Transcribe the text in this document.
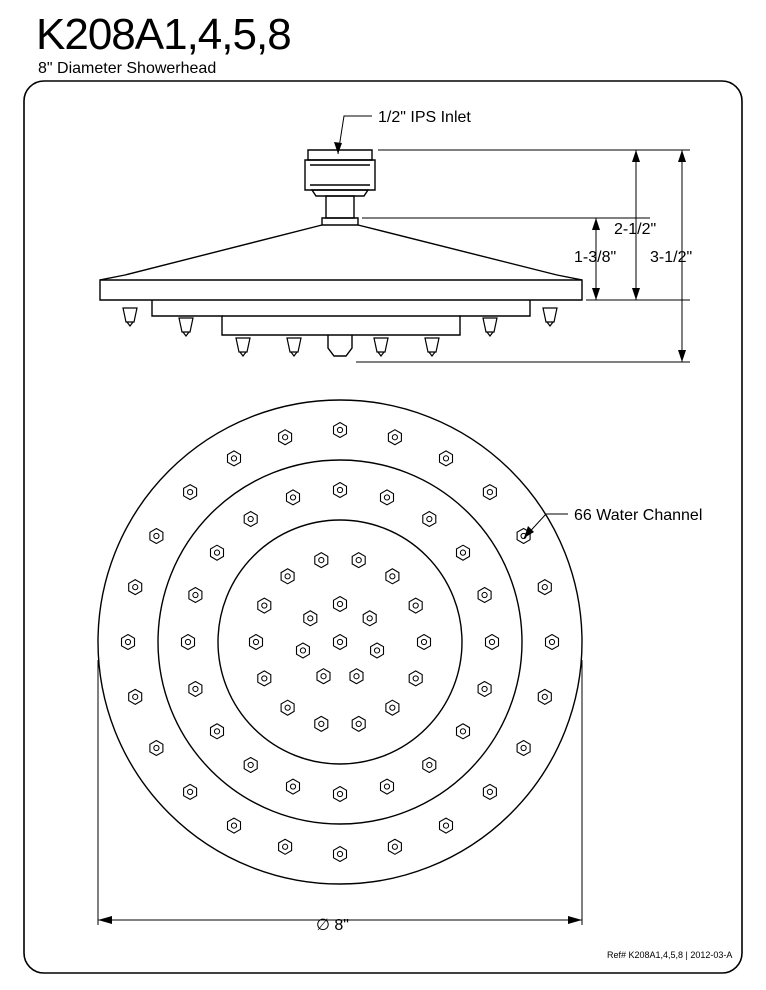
K208A1,4,5,8
8" Diameter Showerhead
1/2" IPS Inlet
1-3/8"
2-1/2"
3-1/2"
66 Water Channel
∅ 8"
Ref# K208A1,4,5,8 | 2012-03-A
